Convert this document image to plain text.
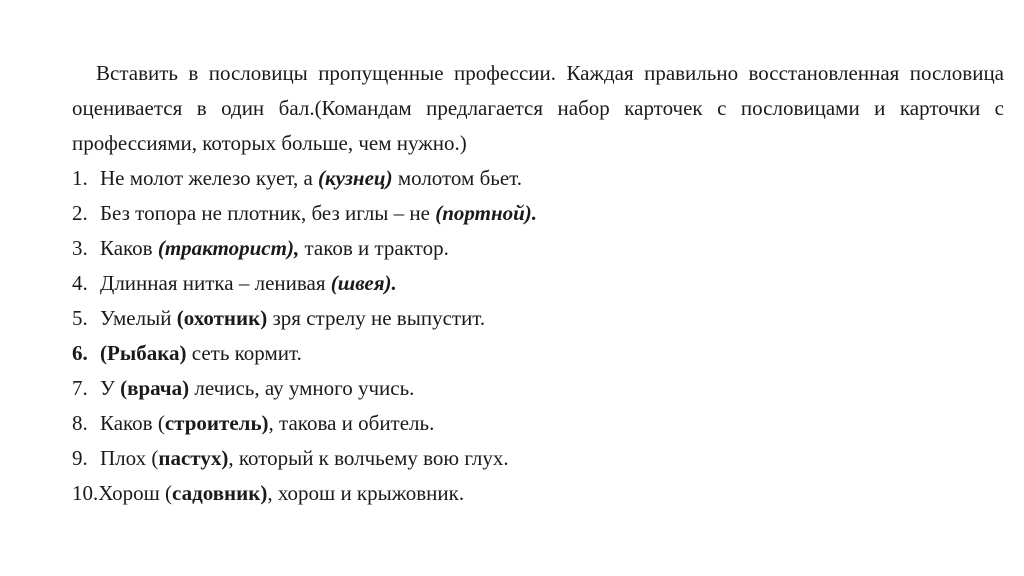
Вставить в пословицы пропущенные профессии. Каждая правильно восстановленная пословица оценивается в один бал.(Командам предлагается набор карточек с пословицами и карточки с профессиями, которых больше, чем нужно.)

1. Не молот железо кует, а (кузнец) молотом бьет.
2. Без топора не плотник, без иглы – не (портной).
3. Каков (тракторист), таков и трактор.
4. Длинная нитка – ленивая (швея).
5. Умелый (охотник) зря стрелу не выпустит.
6. (Рыбака) сеть кормит.
7. У (врача) лечись, ау умного учись.
8. Каков (строитель), такова и обитель.
9. Плох (пастух), который к волчьему вою глух.
10.Хорош (садовник), хорош и крыжовник.
